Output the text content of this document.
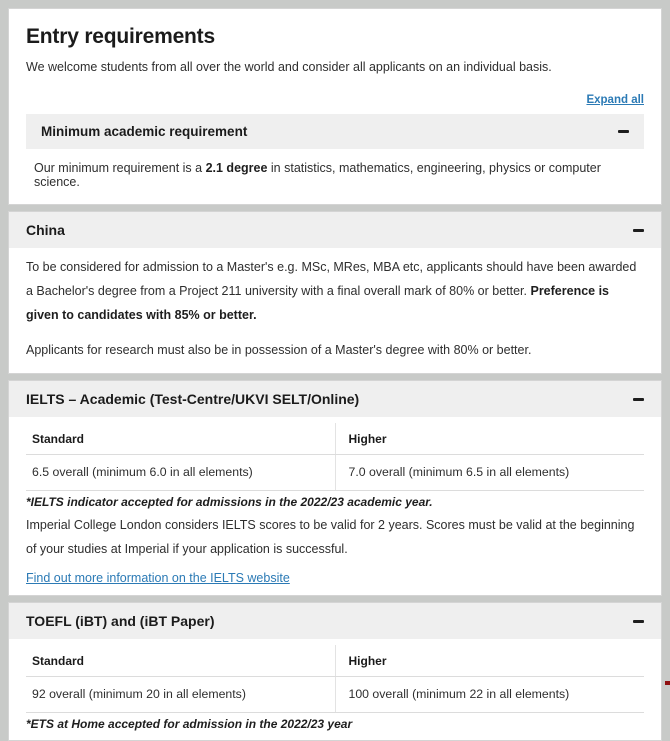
Entry requirements

We welcome students from all over the world and consider all applicants on an individual basis.

Expand all
Minimum academic requirement
Our minimum requirement is a 2.1 degree in statistics, mathematics, engineering, physics or computer science.
China

To be considered for admission to a Master's e.g. MSc, MRes, MBA etc, applicants should have been awarded a Bachelor's degree from a Project 211 university with a final overall mark of 80% or better. Preference is given to candidates with 85% or better.

Applicants for research must also be in possession of a Master's degree with 80% or better.

IELTS – Academic (Test-Centre/UKVI SELT/Online)
Standard	Higher
6.5 overall (minimum 6.0 in all elements)	7.0 overall (minimum 6.5 in all elements)

*IELTS indicator accepted for admissions in the 2022/23 academic year.

Imperial College London considers IELTS scores to be valid for 2 years. Scores must be valid at the beginning of your studies at Imperial if your application is successful.

Find out more information on the IELTS website
TOEFL (iBT) and (iBT Paper)
Standard	Higher
92 overall (minimum 20 in all elements)	100 overall (minimum 22 in all elements)

*ETS at Home accepted for admission in the 2022/23 year
